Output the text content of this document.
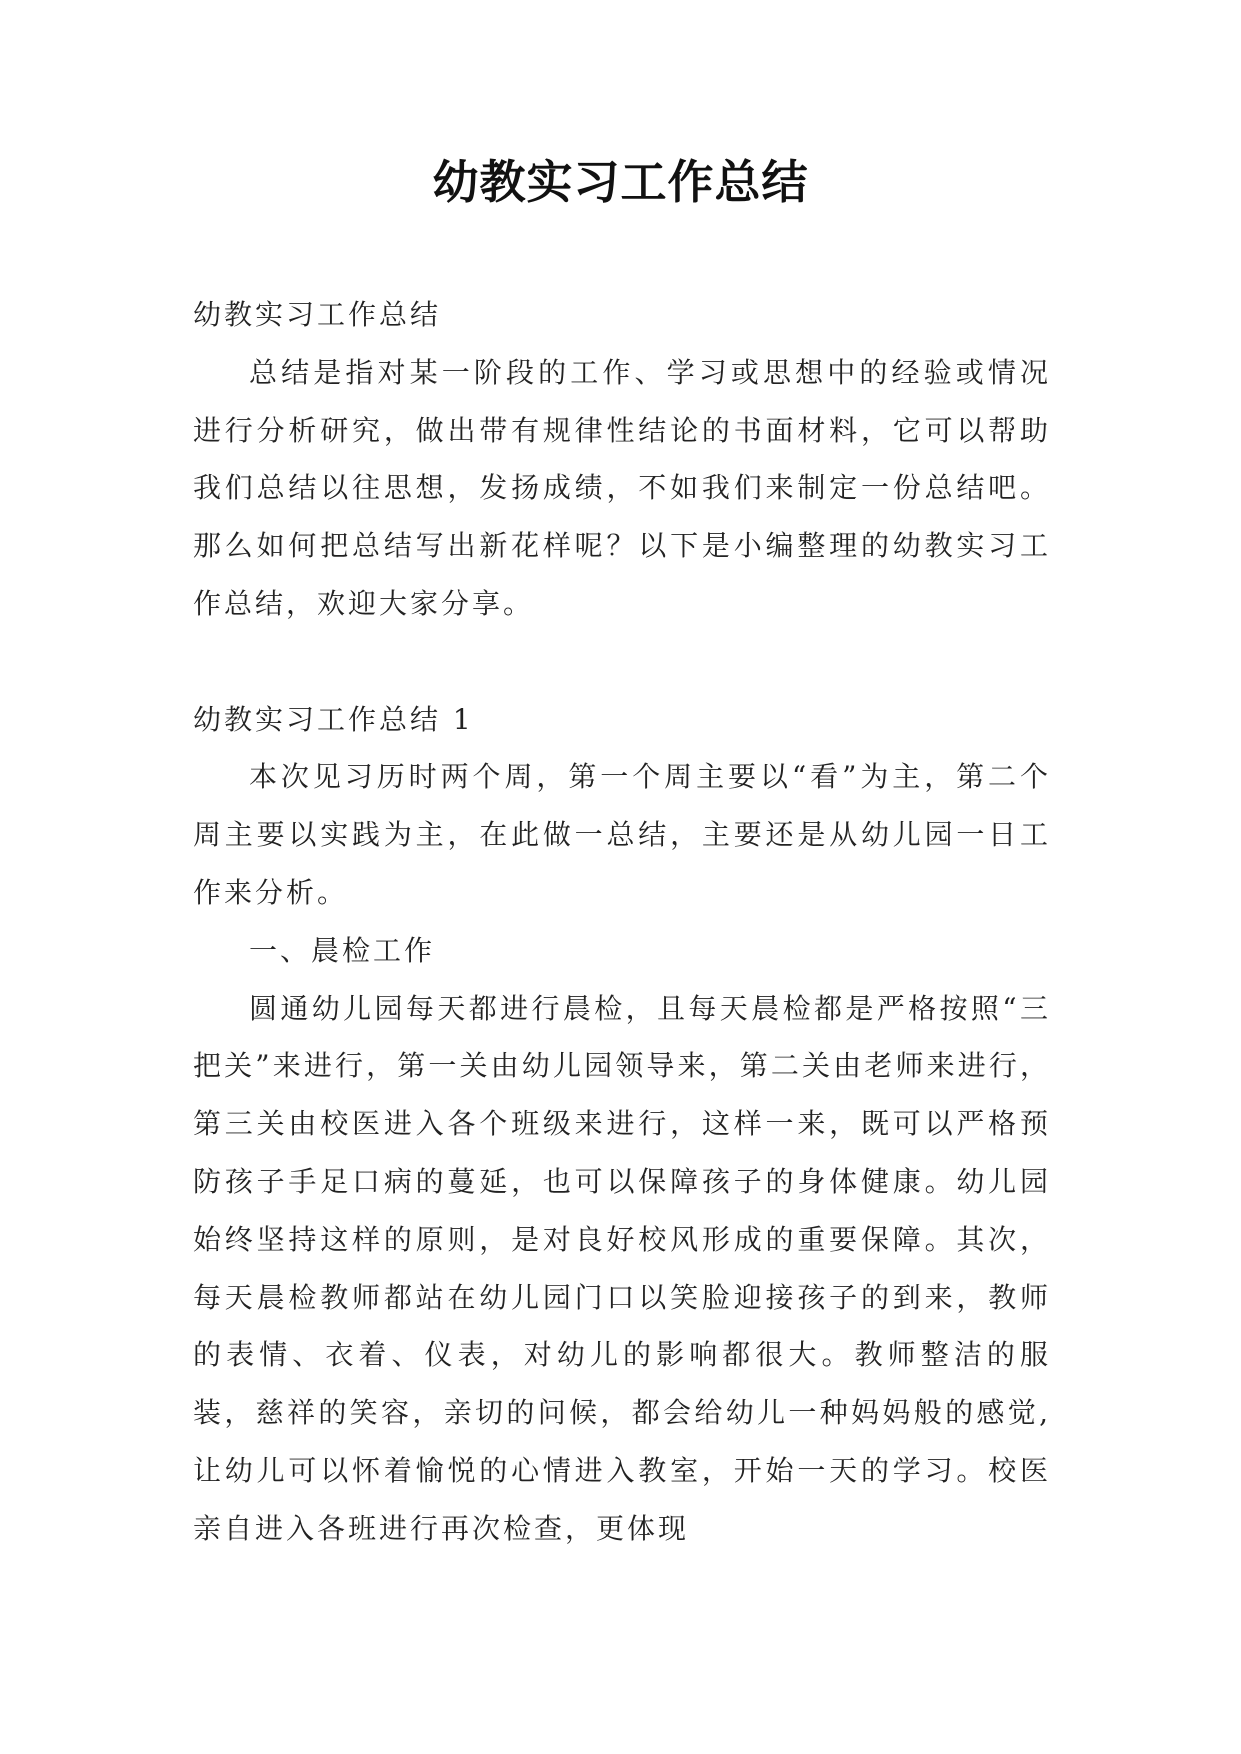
幼教实习工作总结

幼教实习工作总结

总结是指对某一阶段的工作、学习或思想中的经验或情况进行分析研究，做出带有规律性结论的书面材料，它可以帮助我们总结以往思想，发扬成绩，不如我们来制定一份总结吧。那么如何把总结写出新花样呢？以下是小编整理的幼教实习工作总结，欢迎大家分享。

幼教实习工作总结 1

本次见习历时两个周，第一个周主要以“看”为主，第二个周主要以实践为主，在此做一总结，主要还是从幼儿园一日工作来分析。

一、晨检工作

圆通幼儿园每天都进行晨检，且每天晨检都是严格按照“三把关”来进行，第一关由幼儿园领导来，第二关由老师来进行，第三关由校医进入各个班级来进行，这样一来，既可以严格预防孩子手足口病的蔓延，也可以保障孩子的身体健康。幼儿园始终坚持这样的原则，是对良好校风形成的重要保障。其次，每天晨检教师都站在幼儿园门口以笑脸迎接孩子的到来，教师的表情、衣着、仪表，对幼儿的影响都很大。教师整洁的服装，慈祥的笑容，亲切的问候，都会给幼儿一种妈妈般的感觉,让幼儿可以怀着愉悦的心情进入教室，开始一天的学习。校医亲自进入各班进行再次检查，更体现
